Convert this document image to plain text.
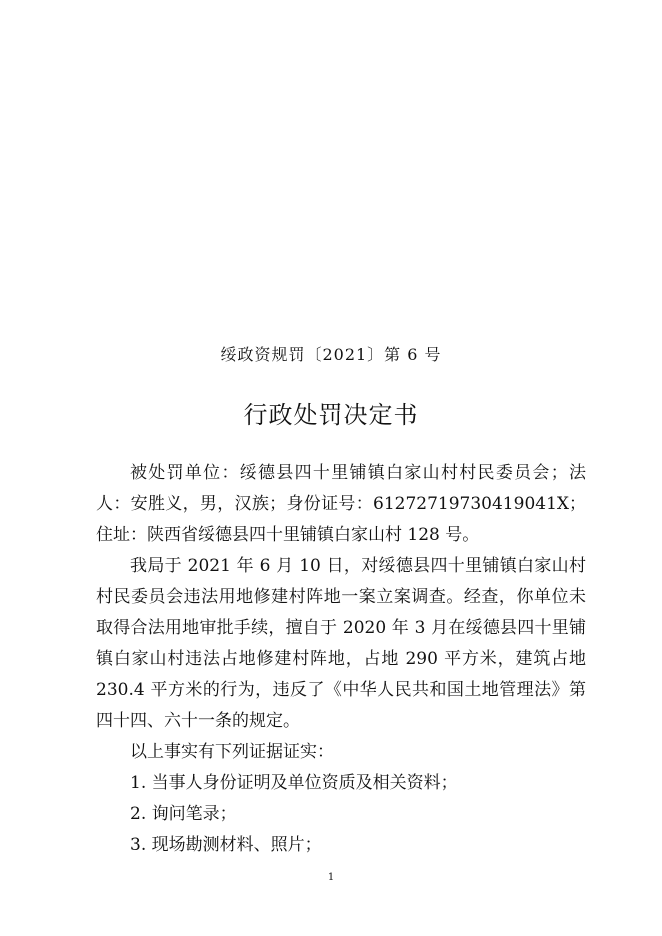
绥政资规罚〔2021〕第 6 号
行政处罚决定书

被处罚单位：绥德县四十里铺镇白家山村村民委员会；法人：安胜义，男，汉族；身份证号：61272719730419041X；住址：陕西省绥德县四十里铺镇白家山村 128 号。

我局于 2021 年 6 月 10 日，对绥德县四十里铺镇白家山村村民委员会违法用地修建村阵地一案立案调查。经查，你单位未取得合法用地审批手续，擅自于 2020 年 3 月在绥德县四十里铺镇白家山村违法占地修建村阵地，占地 290 平方米，建筑占地 230.4 平方米的行为，违反了《中华人民共和国土地管理法》第四十四、六十一条的规定。

以上事实有下列证据证实：

1. 当事人身份证明及单位资质及相关资料；

2. 询问笔录；

3. 现场勘测材料、照片；

1
